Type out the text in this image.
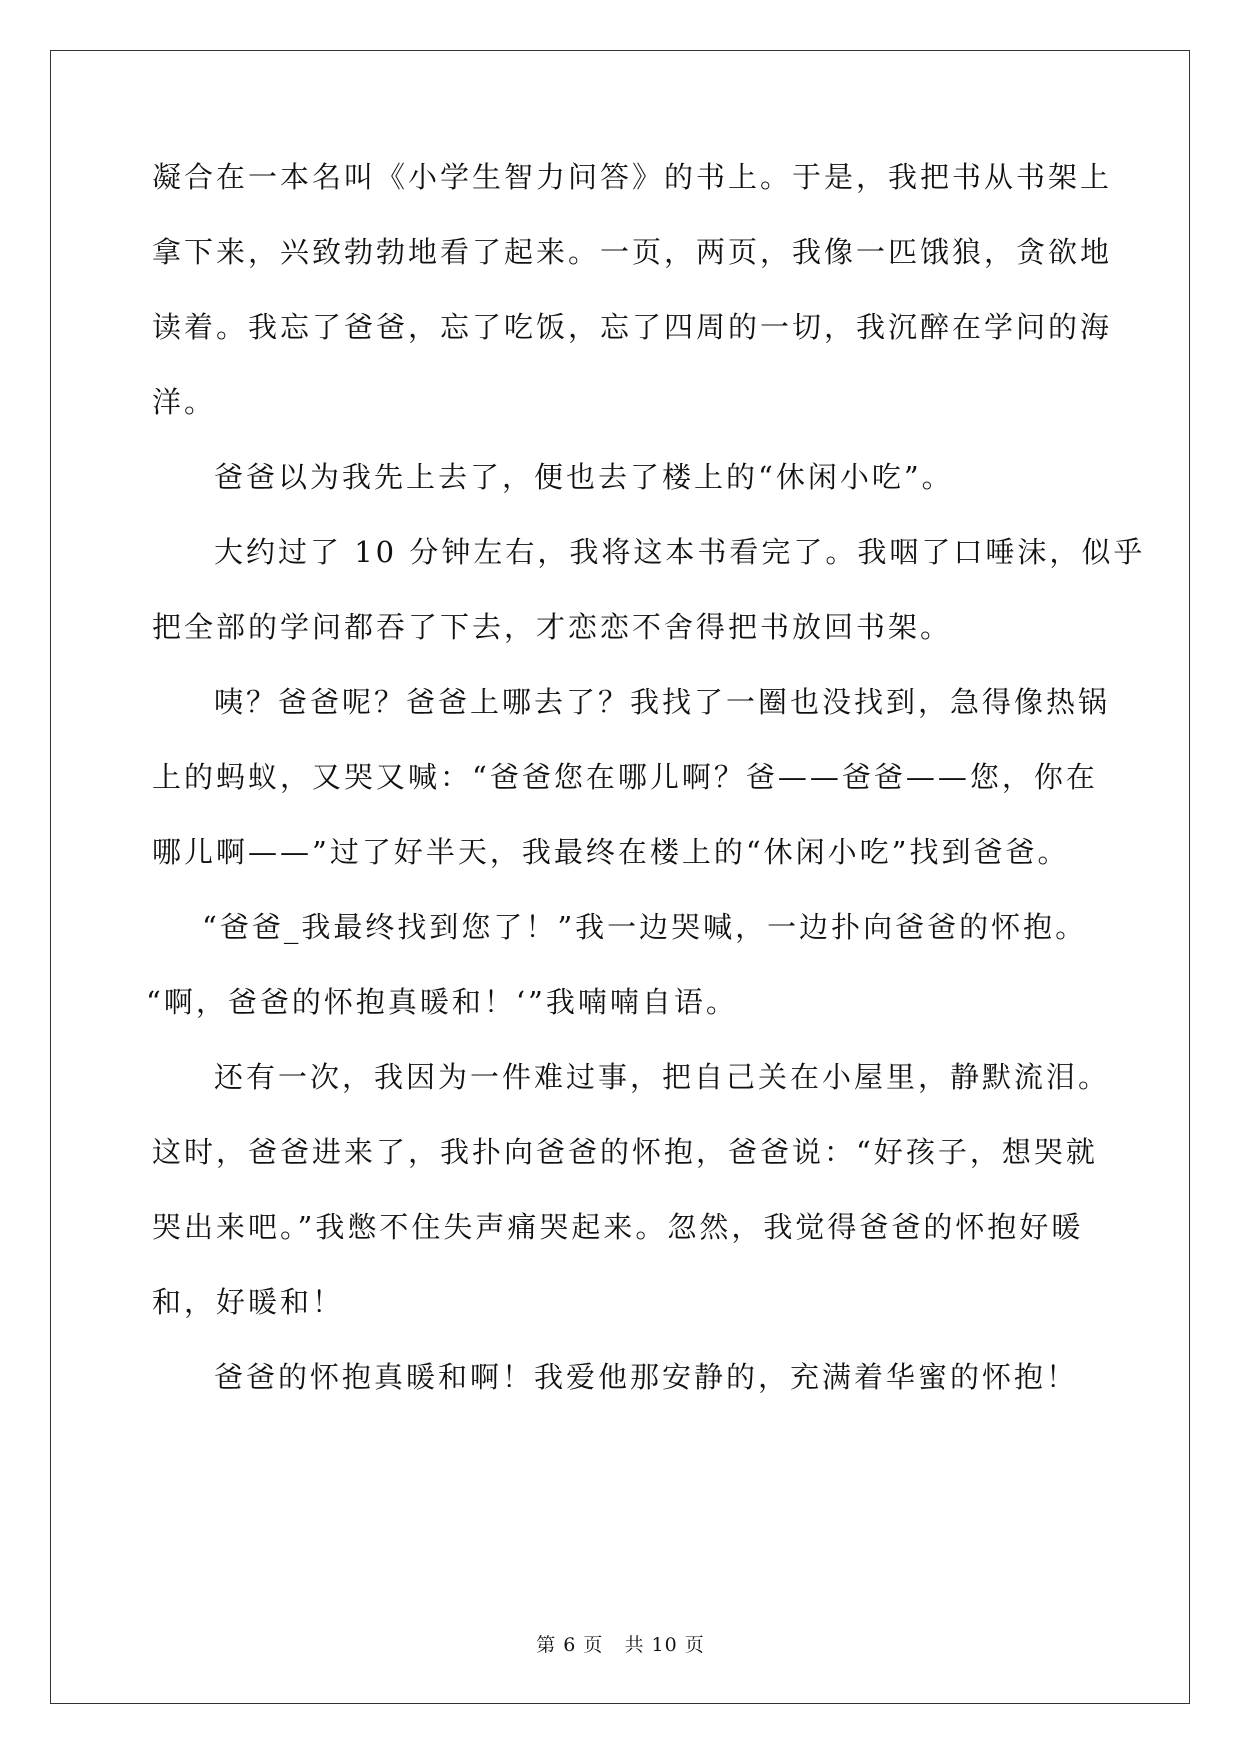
凝合在一本名叫《小学生智力问答》的书上。于是，我把书从书架上
拿下来，兴致勃勃地看了起来。一页，两页，我像一匹饿狼，贪欲地
读着。我忘了爸爸，忘了吃饭，忘了四周的一切，我沉醉在学问的海
洋。
爸爸以为我先上去了，便也去了楼上的“休闲小吃”。
大约过了 10 分钟左右，我将这本书看完了。我咽了口唾沫，似乎
把全部的学问都吞了下去，才恋恋不舍得把书放回书架。
咦？爸爸呢？爸爸上哪去了？我找了一圈也没找到，急得像热锅
上的蚂蚁，又哭又喊：“爸爸您在哪儿啊？爸——爸爸——您，你在
哪儿啊——”过了好半天，我最终在楼上的“休闲小吃”找到爸爸。
“爸爸_我最终找到您了！”我一边哭喊，一边扑向爸爸的怀抱。
“啊，爸爸的怀抱真暖和！‘”我喃喃自语。
还有一次，我因为一件难过事，把自己关在小屋里，静默流泪。
这时，爸爸进来了，我扑向爸爸的怀抱，爸爸说：“好孩子，想哭就
哭出来吧。”我憋不住失声痛哭起来。忽然，我觉得爸爸的怀抱好暖
和，好暖和！
爸爸的怀抱真暖和啊！我爱他那安静的，充满着华蜜的怀抱！
第 6 页   共 10 页
